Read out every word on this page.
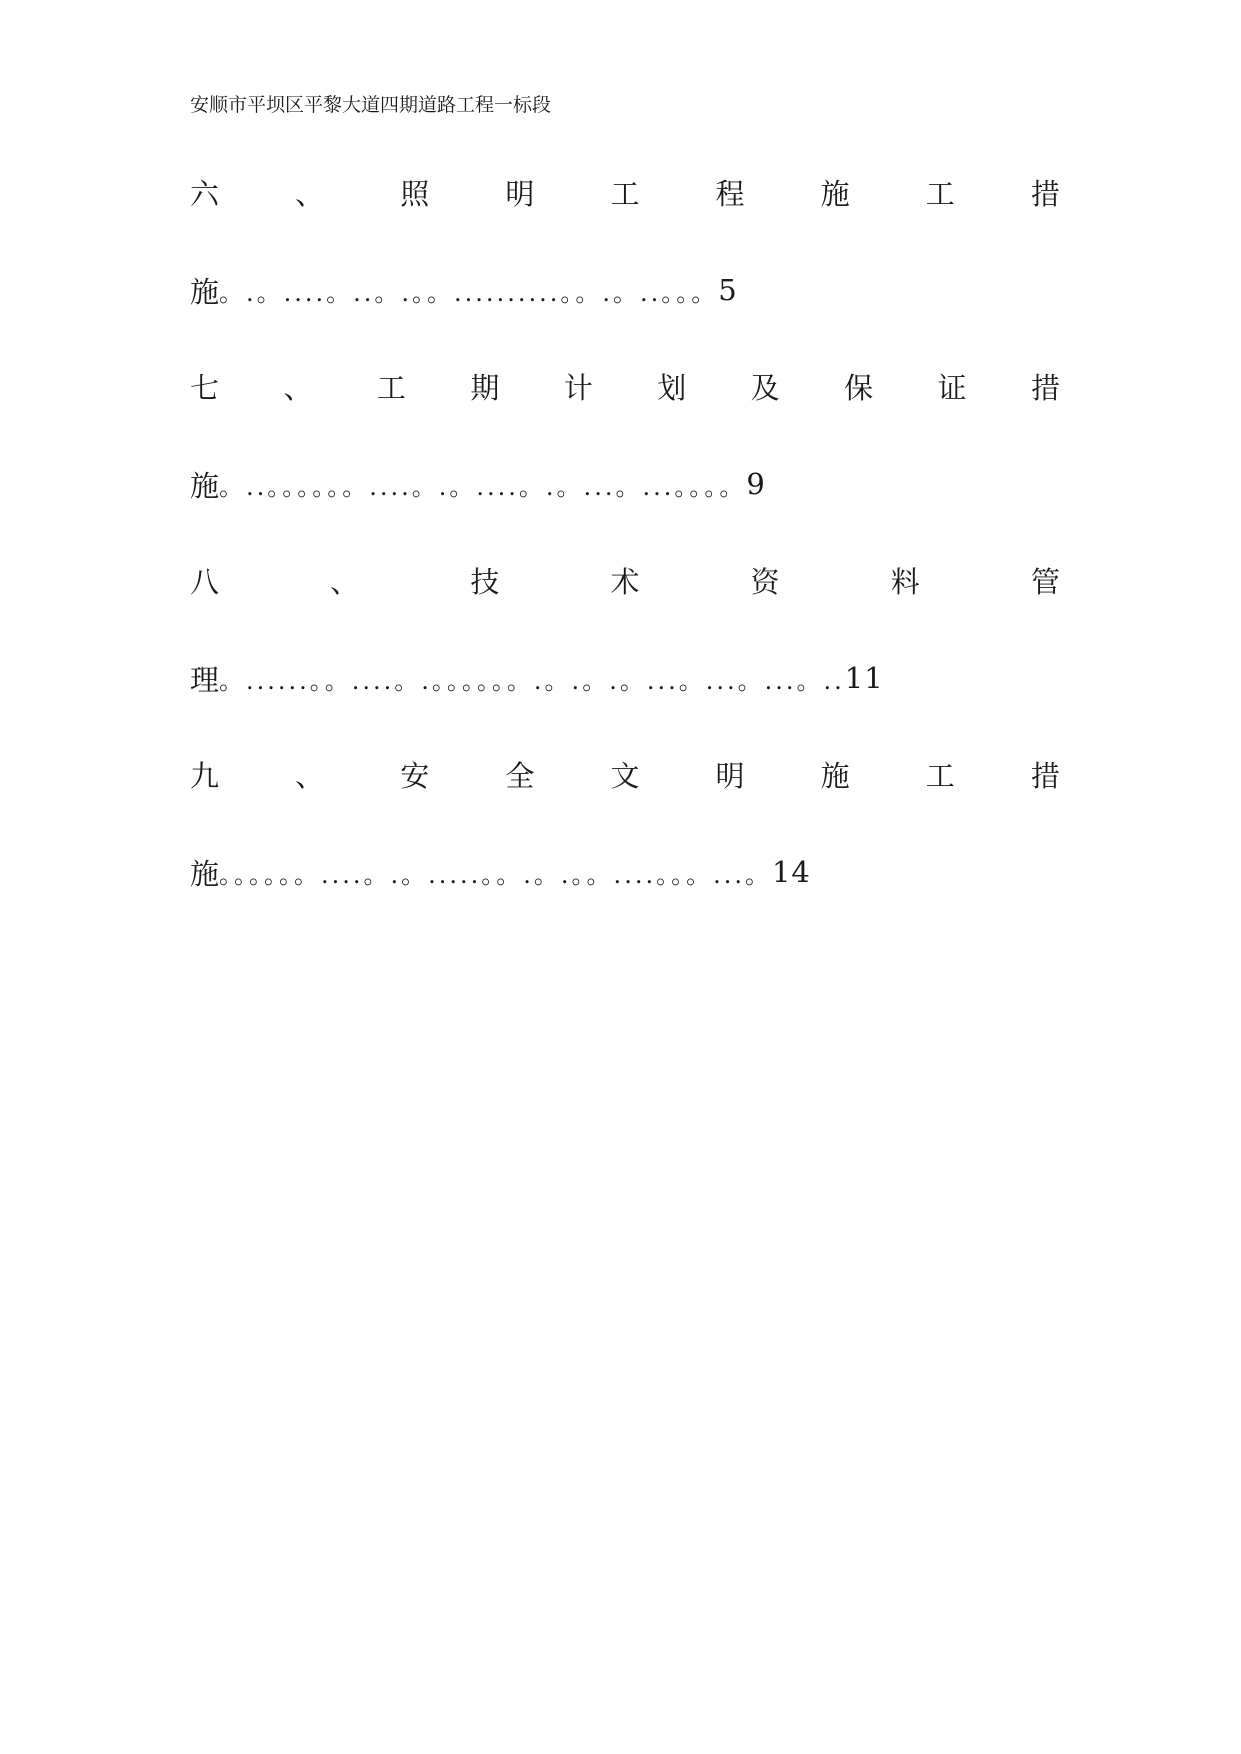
安顺市平坝区平黎大道四期道路工程一标段
六	、	照	明	工	程	施	工	措
施 。.。....。..。.。。..........。。.。..。。。 5
七 、 工 期 计 划 及 保 证 措
施 。..。。。。。。....。.。....。.。...。...。。。。 9
八	、	技	术	资	料	管
理 。......。。....。.。。。。。。.。.。.。...。...。...。.. 11
九	、	安	全	文	明	施	工	措
施 。。。。。。....。.。.....。。.。.。。....。。。...。 14
